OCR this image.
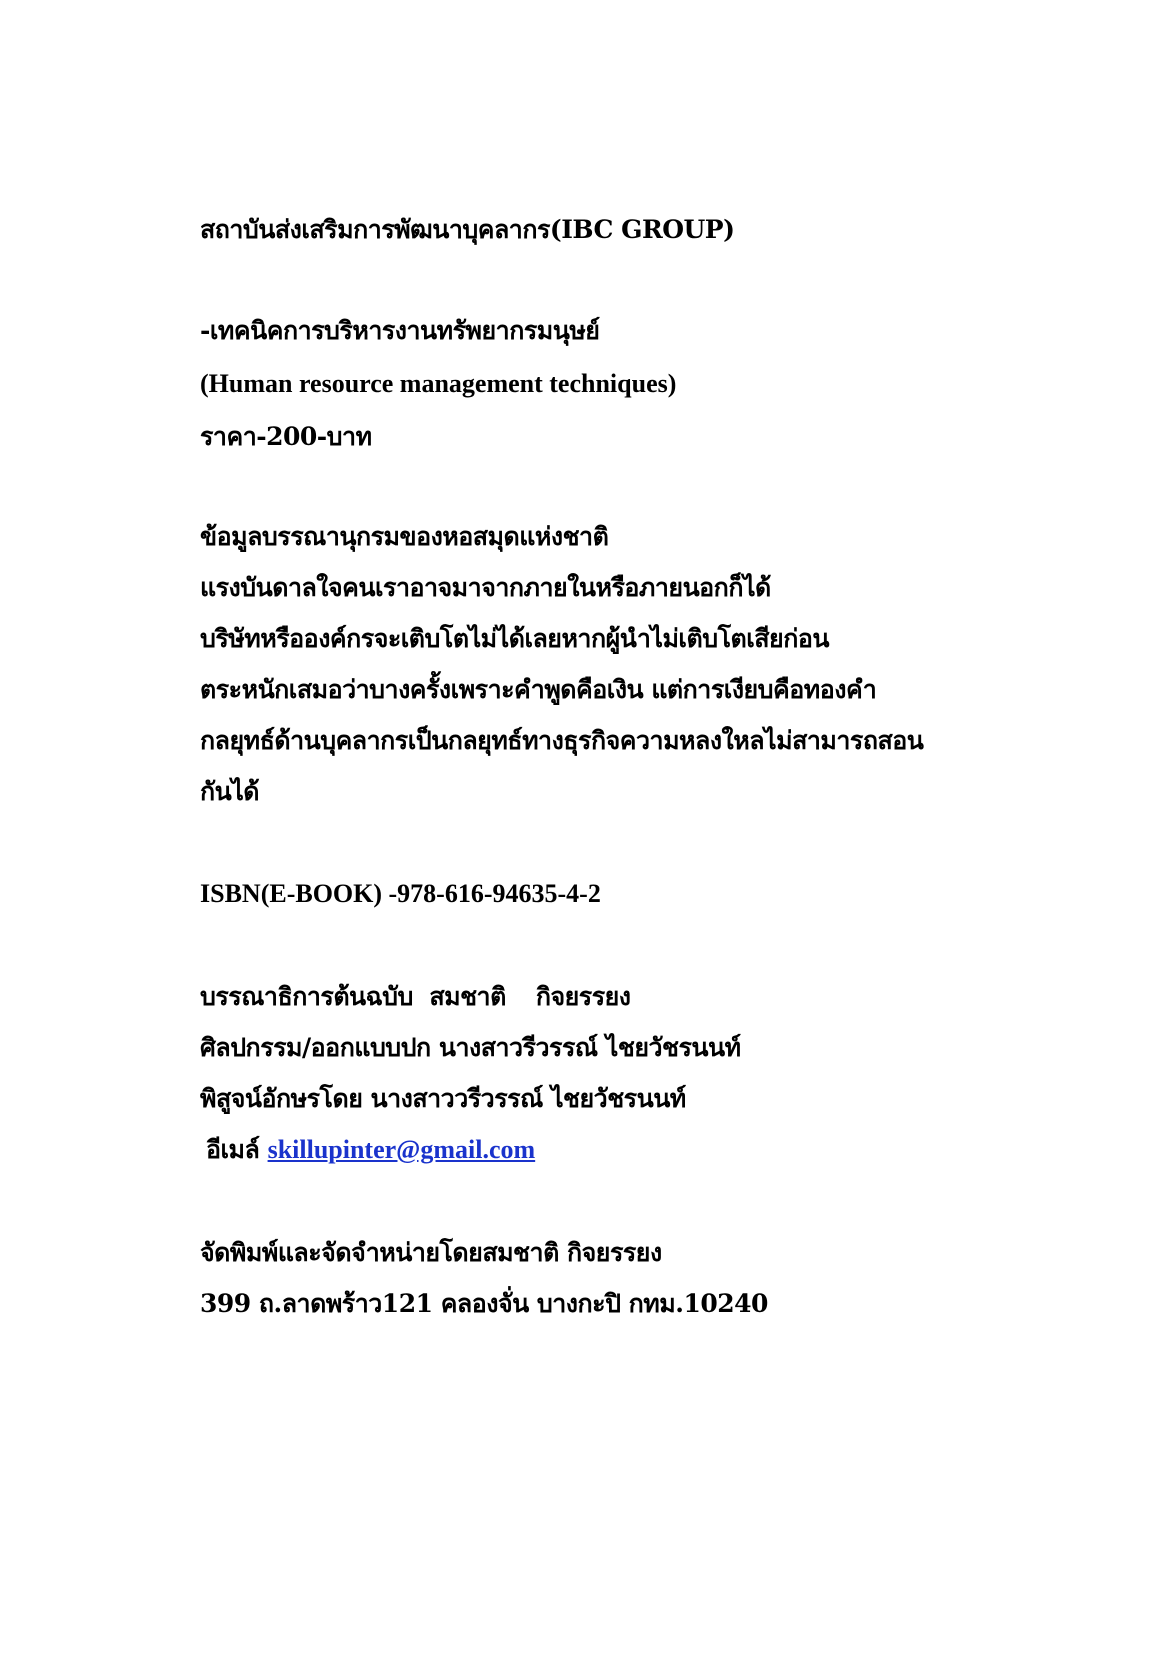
สถาบันส่งเสริมการพัฒนาบุคลากร(IBC GROUP)

-เทคนิคการบริหารงานทรัพยากรมนุษย์

(Human resource management techniques)

ราคา-200-บาท

ข้อมูลบรรณานุกรมของหอสมุดแห่งชาติ

แรงบันดาลใจคนเราอาจมาจากภายในหรือภายนอกก็ได้

บริษัทหรือองค์กรจะเติบโตไม่ได้เลยหากผู้นำไม่เติบโตเสียก่อน

ตระหนักเสมอว่าบางครั้งเพราะคำพูดคือเงิน แต่การเงียบคือทองคำ

กลยุทธ์ด้านบุคลากรเป็นกลยุทธ์ทางธุรกิจความหลงใหลไม่สามารถสอน

กันได้

ISBN(E-BOOK) -978-616-94635-4-2

บรรณาธิการต้นฉบับ สมชาติ กิจยรรยง

ศิลปกรรม/ออกแบบปก นางสาวรีวรรณ์ ไชยวัชรนนท์

พิสูจน์อักษรโดย นางสาววรีวรรณ์ ไชยวัชรนนท์

อีเมล์ skillupinter@gmail.com

จัดพิมพ์และจัดจำหน่ายโดยสมชาติ กิจยรรยง

399 ถ.ลาดพร้าว121 คลองจั่น บางกะปิ กทม.10240
